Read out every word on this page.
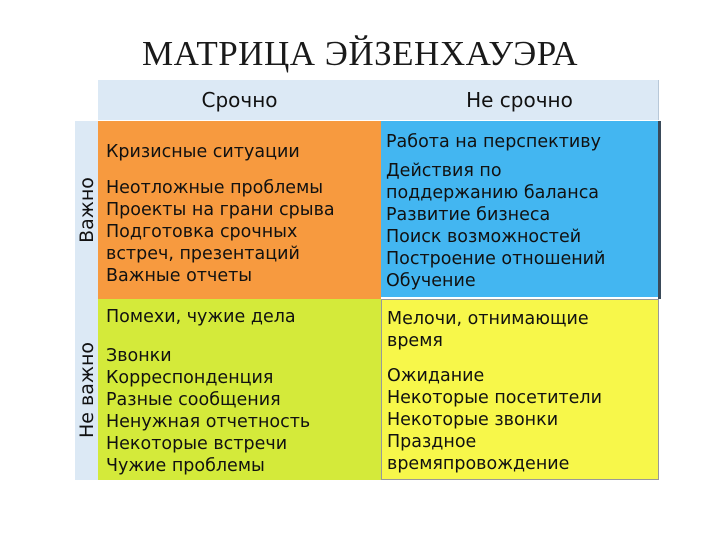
МАТРИЦА ЭЙЗЕНХАУЭРА
Срочно	Не срочно
Важно
Не важно
Кризисные ситуации
Неотложные проблемы
Проекты на грани срыва
Подготовка срочных
встреч, презентаций
Важные отчеты
Работа на перспективу
Действия по
поддержанию баланса
Развитие бизнеса
Поиск возможностей
Построение отношений
Обучение
Помехи, чужие дела
Звонки
Корреспонденция
Разные сообщения
Ненужная отчетность
Некоторые встречи
Чужие проблемы
Мелочи, отнимающие
время
Ожидание
Некоторые посетители
Некоторые звонки
Праздное
времяпровождение
